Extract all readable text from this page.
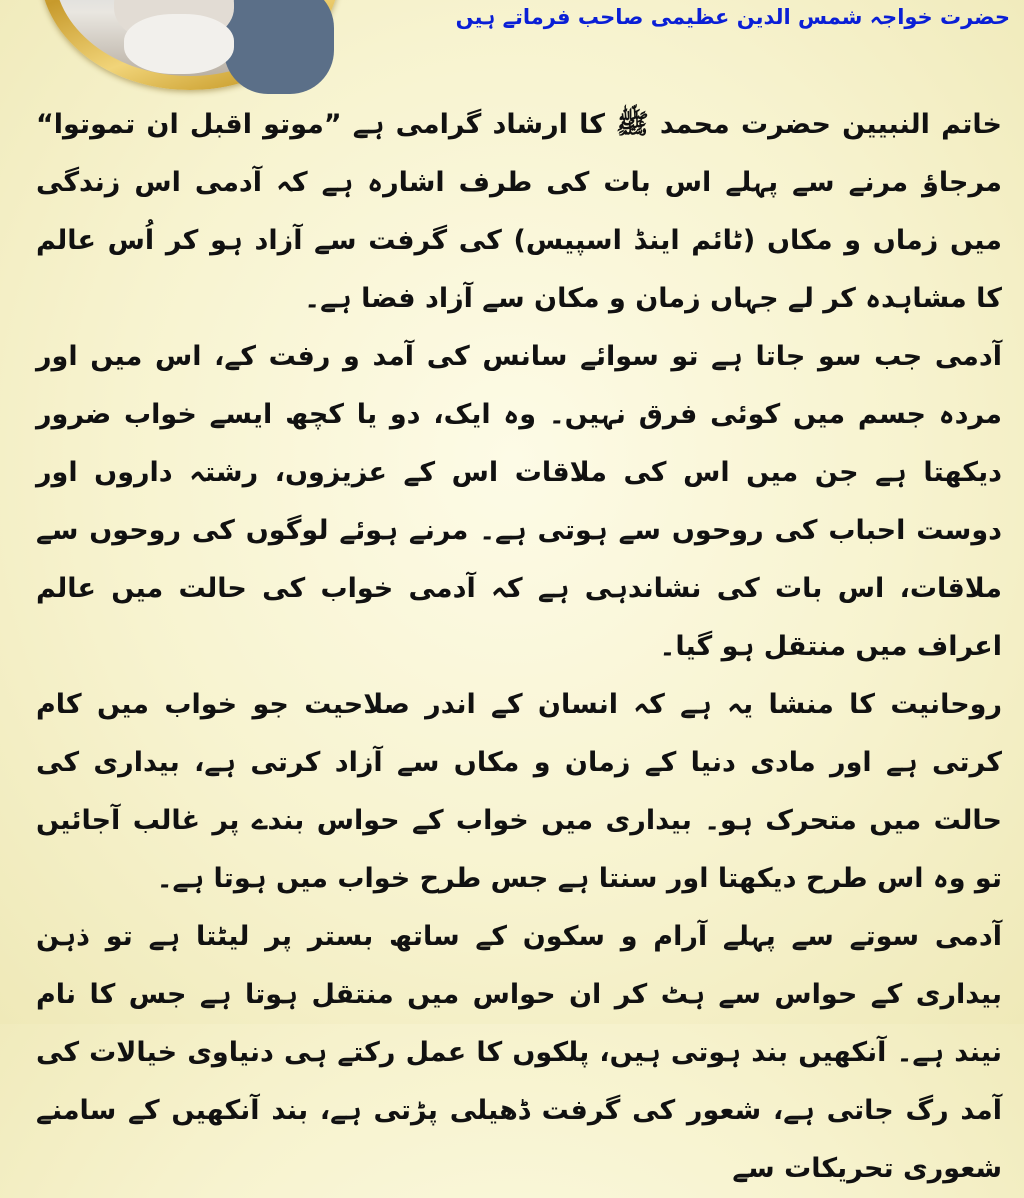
حضرت خواجہ شمس الدین عظیمی صاحب فرماتے ہیں

خاتم النبیین حضرت محمد ﷺ کا ارشاد گرامی ہے ”موتو اقبل ان تموتوا“ مرجاؤ مرنے سے پہلے اس بات کی طرف اشارہ ہے کہ آدمی اس زندگی میں زماں و مکاں (ٹائم اینڈ اسپیس) کی گرفت سے آزاد ہو کر اُس عالم کا مشاہدہ کر لے جہاں زمان و مکان سے آزاد فضا ہے۔

آدمی جب سو جاتا ہے تو سوائے سانس کی آمد و رفت کے، اس میں اور مردہ جسم میں کوئی فرق نہیں۔ وہ ایک، دو یا کچھ ایسے خواب ضرور دیکھتا ہے جن میں اس کی ملاقات اس کے عزیزوں، رشتہ داروں اور دوست احباب کی روحوں سے ہوتی ہے۔ مرنے ہوئے لوگوں کی روحوں سے ملاقات، اس بات کی نشاندہی ہے کہ آدمی خواب کی حالت میں عالم اعراف میں منتقل ہو گیا۔

روحانیت کا منشا یہ ہے کہ انسان کے اندر صلاحیت جو خواب میں کام کرتی ہے اور مادی دنیا کے زمان و مکاں سے آزاد کرتی ہے، بیداری کی حالت میں متحرک ہو۔ بیداری میں خواب کے حواس بندے پر غالب آجائیں تو وہ اس طرح دیکھتا اور سنتا ہے جس طرح خواب میں ہوتا ہے۔

آدمی سوتے سے پہلے آرام و سکون کے ساتھ بستر پر لیٹتا ہے تو ذہن بیداری کے حواس سے ہٹ کر ان حواس میں منتقل ہوتا ہے جس کا نام نیند ہے۔ آنکھیں بند ہوتی ہیں، پلکوں کا عمل رکتے ہی دنیاوی خیالات کی آمد رگ جاتی ہے، شعور کی گرفت ڈھیلی پڑتی ہے، بند آنکھیں کے سامنے شعوری تحریکات سے
